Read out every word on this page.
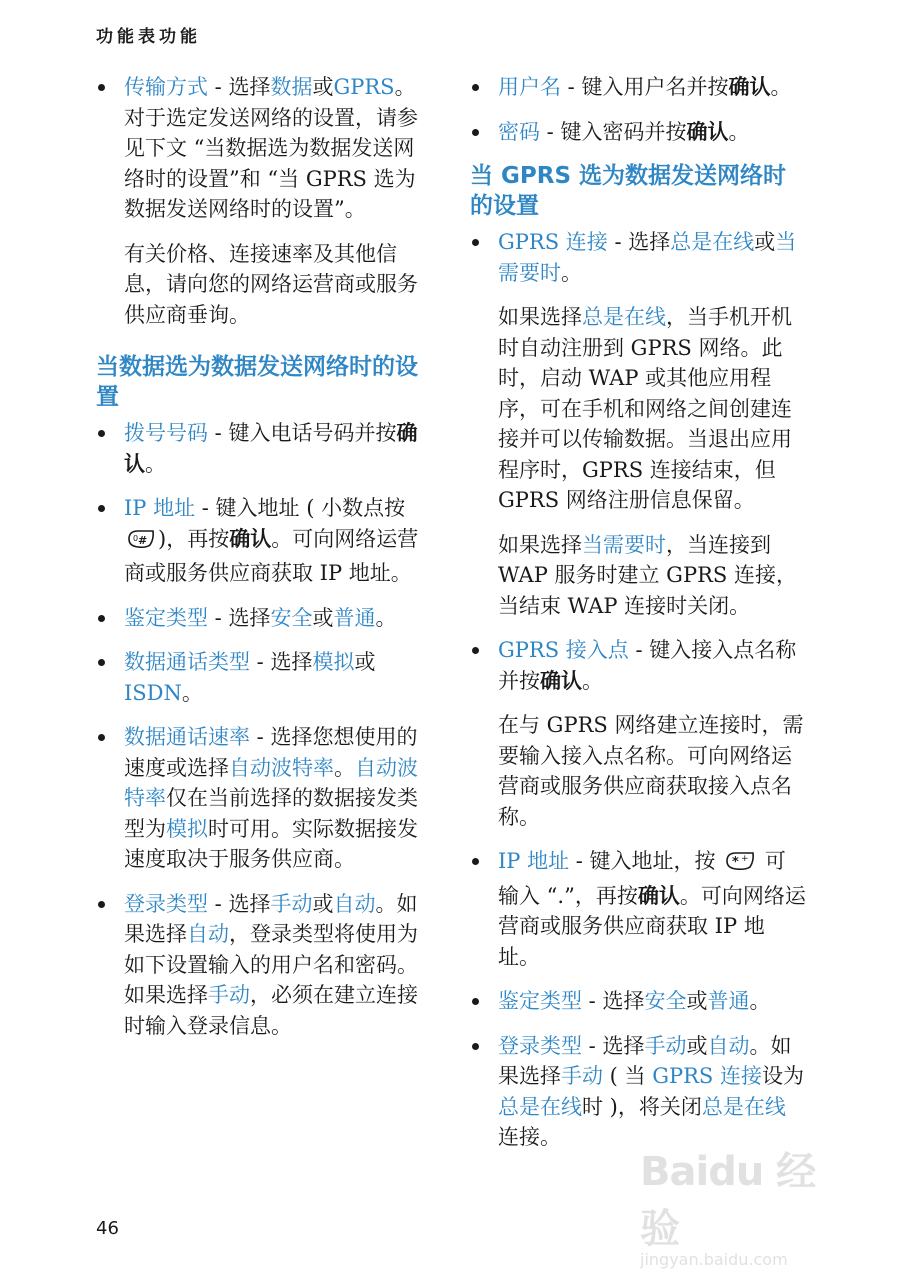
功能表功能

传输方式 - 选择数据或GPRS。对于选定发送网络的设置，请参见下文 “当数据选为数据发送网络时的设置”和 “当 GPRS 选为数据发送网络时的设置”。

有关价格、连接速率及其他信息，请向您的网络运营商或服务供应商垂询。

当数据选为数据发送网络时的设置

拨号号码 - 键入电话号码并按确认。

IP 地址 - 键入地址 ( 小数点按
0 # )，再按确认。可向网络运营商或服务供应商获取 IP 地址。

鉴定类型 - 选择安全或普通。

数据通话类型 - 选择模拟或ISDN。

数据通话速率 - 选择您想使用的速度或选择自动波特率。自动波特率仅在当前选择的数据接发类型为模拟时可用。实际数据接发速度取决于服务供应商。

登录类型 - 选择手动或自动。如果选择自动，登录类型将使用为如下设置输入的用户名和密码。如果选择手动，必须在建立连接时输入登录信息。

用户名 - 键入用户名并按确认。

密码 - 键入密码并按确认。

当 GPRS 选为数据发送网络时的设置

GPRS 连接 - 选择总是在线或当需要时。

如果选择总是在线，当手机开机时自动注册到 GPRS 网络。此时，启动 WAP 或其他应用程序，可在手机和网络之间创建连接并可以传输数据。当退出应用程序时，GPRS 连接结束，但 GPRS 网络注册信息保留。

如果选择当需要时，当连接到 WAP 服务时建立 GPRS 连接，当结束 WAP 连接时关闭。

GPRS 接入点 - 键入接入点名称并按确认。

在与 GPRS 网络建立连接时，需要输入接入点名称。可向网络运营商或服务供应商获取接入点名称。

IP 地址 - 键入地址，按 * + 可输入 “.”，再按确认。可向网络运营商或服务供应商获取 IP 地址。

鉴定类型 - 选择安全或普通。

登录类型 - 选择手动或自动。如果选择手动 ( 当 GPRS 连接设为总是在线时 )，将关闭总是在线连接。

46
Baidu 经验
jingyan.baidu.com
